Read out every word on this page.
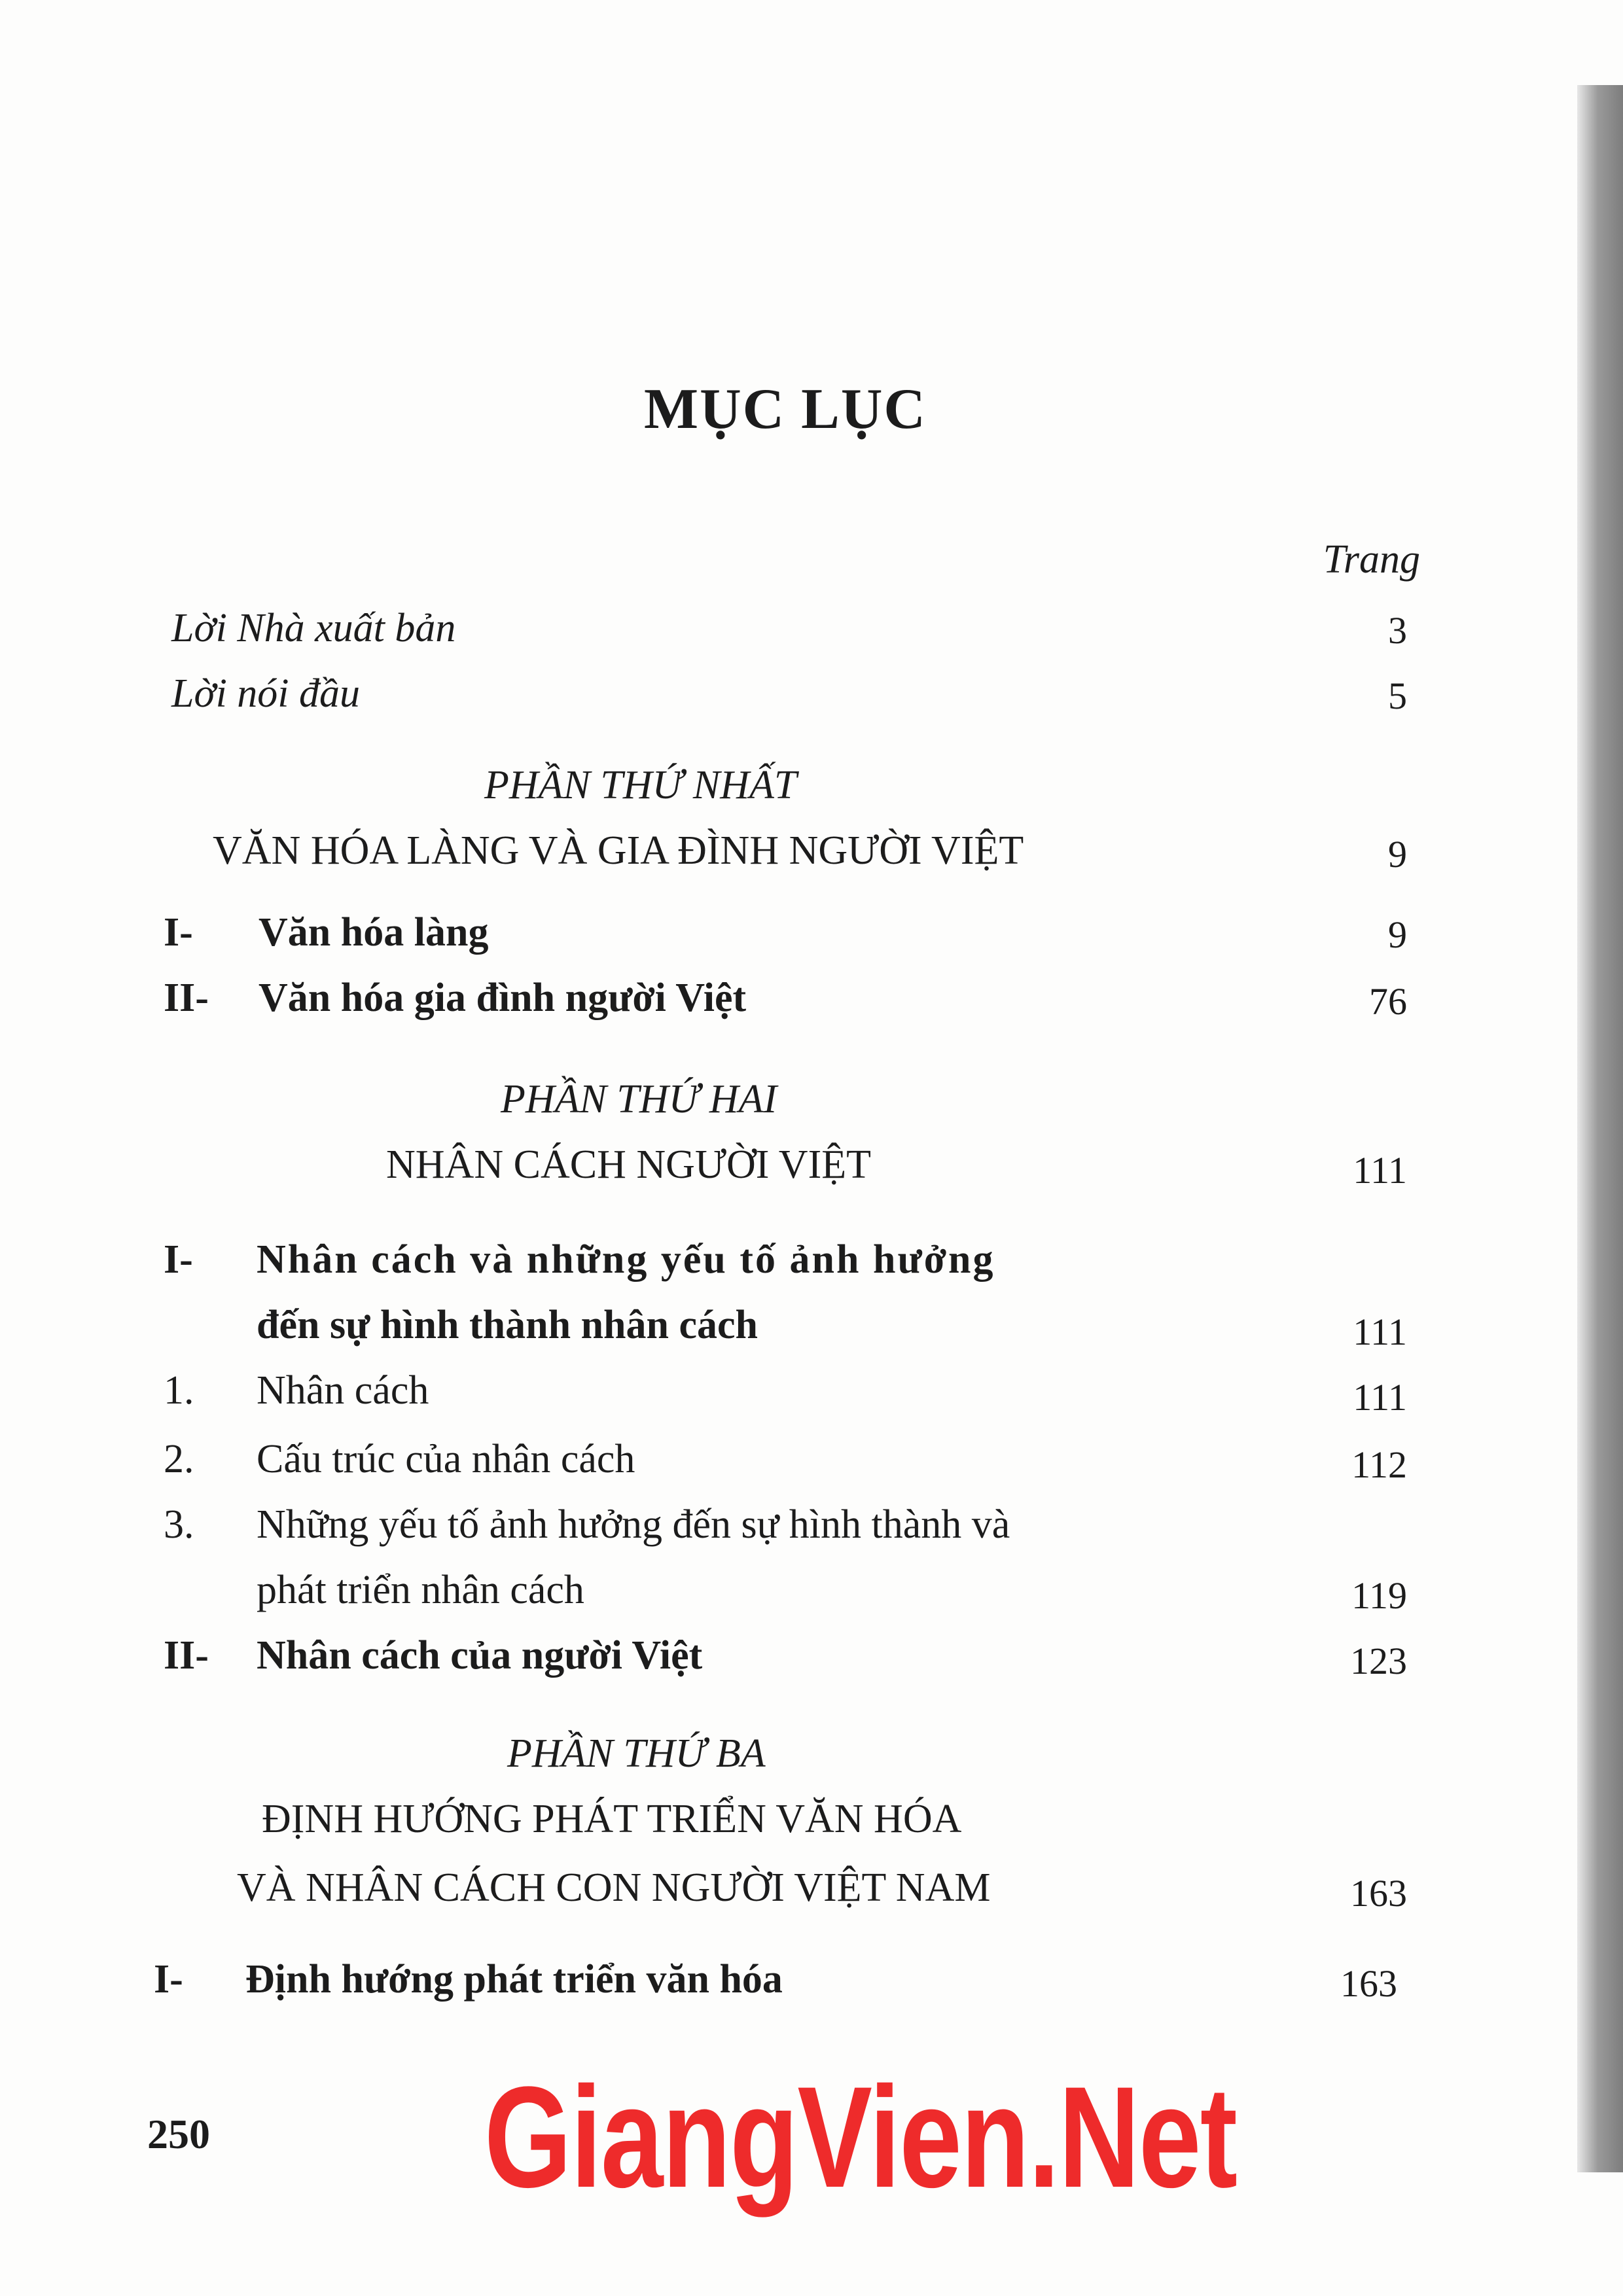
MỤC LỤC
Trang
Lời Nhà xuất bản	3
Lời nói đầu	5
PHẦN THỨ NHẤT
VĂN HÓA LÀNG VÀ GIA ĐÌNH NGƯỜI VIỆT	9
I- Văn hóa làng	9
II- Văn hóa gia đình người Việt	76
PHẦN THỨ HAI
NHÂN CÁCH NGƯỜI VIỆT	111
I- Nhân cách và những yếu tố ảnh hưởng
đến sự hình thành nhân cách	111
1. Nhân cách	111
2. Cấu trúc của nhân cách	112
3. Những yếu tố ảnh hưởng đến sự hình thành và
phát triển nhân cách	119
II- Nhân cách của người Việt	123
PHẦN THỨ BA
ĐỊNH HƯỚNG PHÁT TRIỂN VĂN HÓA
VÀ NHÂN CÁCH CON NGƯỜI VIỆT NAM	163
I- Định hướng phát triển văn hóa	163
250 GiangVien.Net
